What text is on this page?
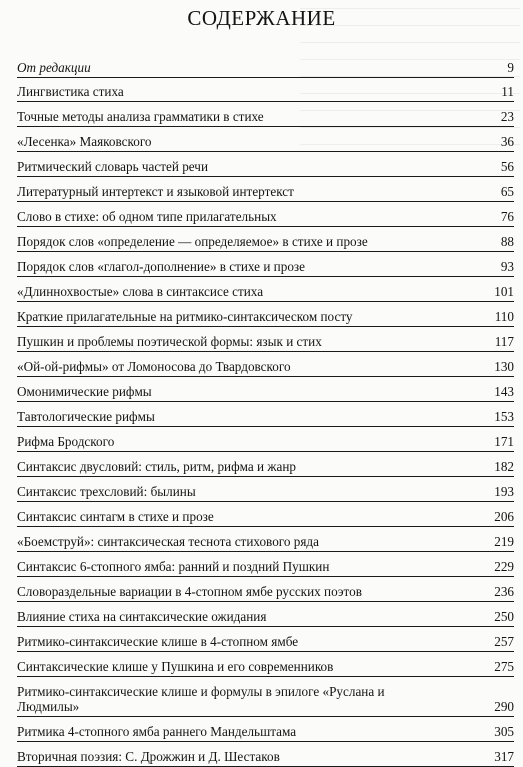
СОДЕРЖАНИЕ
От редакции	9
Лингвистика стиха	11
Точные методы анализа грамматики в стихе	23
«Лесенка» Маяковского	36
Ритмический словарь частей речи	56
Литературный интертекст и языковой интертекст	65
Слово в стихе: об одном типе прилагательных	76
Порядок слов «определение — определяемое» в стихе и прозе	88
Порядок слов «глагол-дополнение» в стихе и прозе	93
«Длиннохвостые» слова в синтаксисе стиха	101
Краткие прилагательные на ритмико-синтаксическом посту	110
Пушкин и проблемы поэтической формы: язык и стих	117
«Ой-ой-рифмы» от Ломоносова до Твардовского	130
Омонимические рифмы	143
Тавтологические рифмы	153
Рифма Бродского	171
Синтаксис двусловий: стиль, ритм, рифма и жанр	182
Синтаксис трехсловий: былины	193
Синтаксис синтагм в стихе и прозе	206
«Боемструй»: синтаксическая теснота стихового ряда	219
Синтаксис 6-стопного ямба: ранний и поздний Пушкин	229
Словораздельные вариации в 4-стопном ямбе русских поэтов	236
Влияние стиха на синтаксические ожидания	250
Ритмико-синтаксические клише в 4-стопном ямбе	257
Синтаксические клише у Пушкина и его современников	275
Ритмико-синтаксические клише и формулы в эпилоге «Руслана и Людмилы»	290
Ритмика 4-стопного ямба раннего Мандельштама	305
Вторичная поэзия: С. Дрожжин и Д. Шестаков	317
